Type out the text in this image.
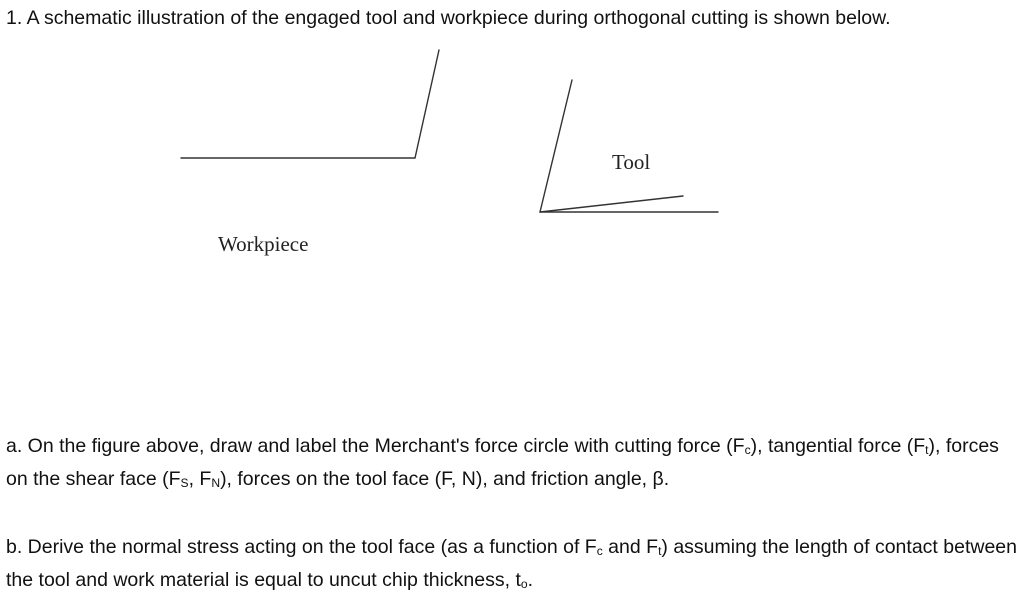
1. A schematic illustration of the engaged tool and workpiece during orthogonal cutting is shown below.
Tool
Workpiece

a. On the figure above, draw and label the Merchant's force circle with cutting force $(F_c)$, tangential force $(F_t)$, forces on the shear face ($F_S$, $F_N$), forces on the tool face (F, N), and friction angle, β.

b. Derive the normal stress acting on the tool face (as a function of $F_c$ and $F_t$) assuming the length of contact between the tool and work material is equal to uncut chip thickness, $t_o$.
